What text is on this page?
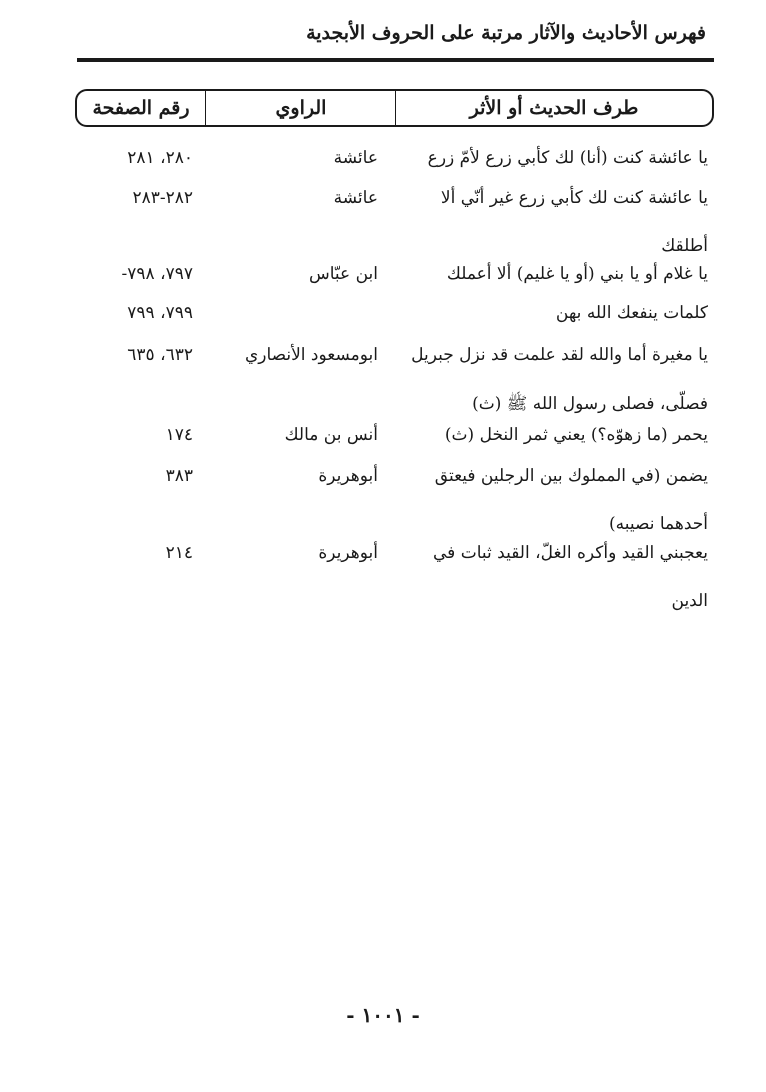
فهرس الأحاديث والآثار مرتبة على الحروف الأبجدية
رقم الصفحة	الراوي	طرف الحديث أو الأثر
يا عائشة كنت (أنا) لك كأبي زرع لأمّ زرع
عائشة
٢٨٠، ٢٨١
يا عائشة كنت لك كأبي زرع غير أنّي ألا
أطلقك
عائشة
٢٨٢-٢٨٣
يا غلام أو يا بني (أو يا غليم) ألا أعملك
ابن عبّاس
٧٩٧، ٧٩٨-
كلمات ينفعك الله بهن
٧٩٩، ٧٩٩
يا مغيرة أما والله لقد علمت قد نزل جبريل
فصلّى، فصلى رسول الله ﷺ (ث)
ابومسعود الأنصاري
٦٣٢، ٦٣٥
يحمر (ما زهوّه؟) يعني ثمر النخل (ث)
أنس بن مالك
١٧٤
يضمن (في المملوك بين الرجلين فيعتق
أحدهما نصيبه)
أبوهريرة
٣٨٣
يعجبني القيد وأكره الغلّ، القيد ثبات في
الدين
أبوهريرة
٢١٤
- ١٠٠١ -
